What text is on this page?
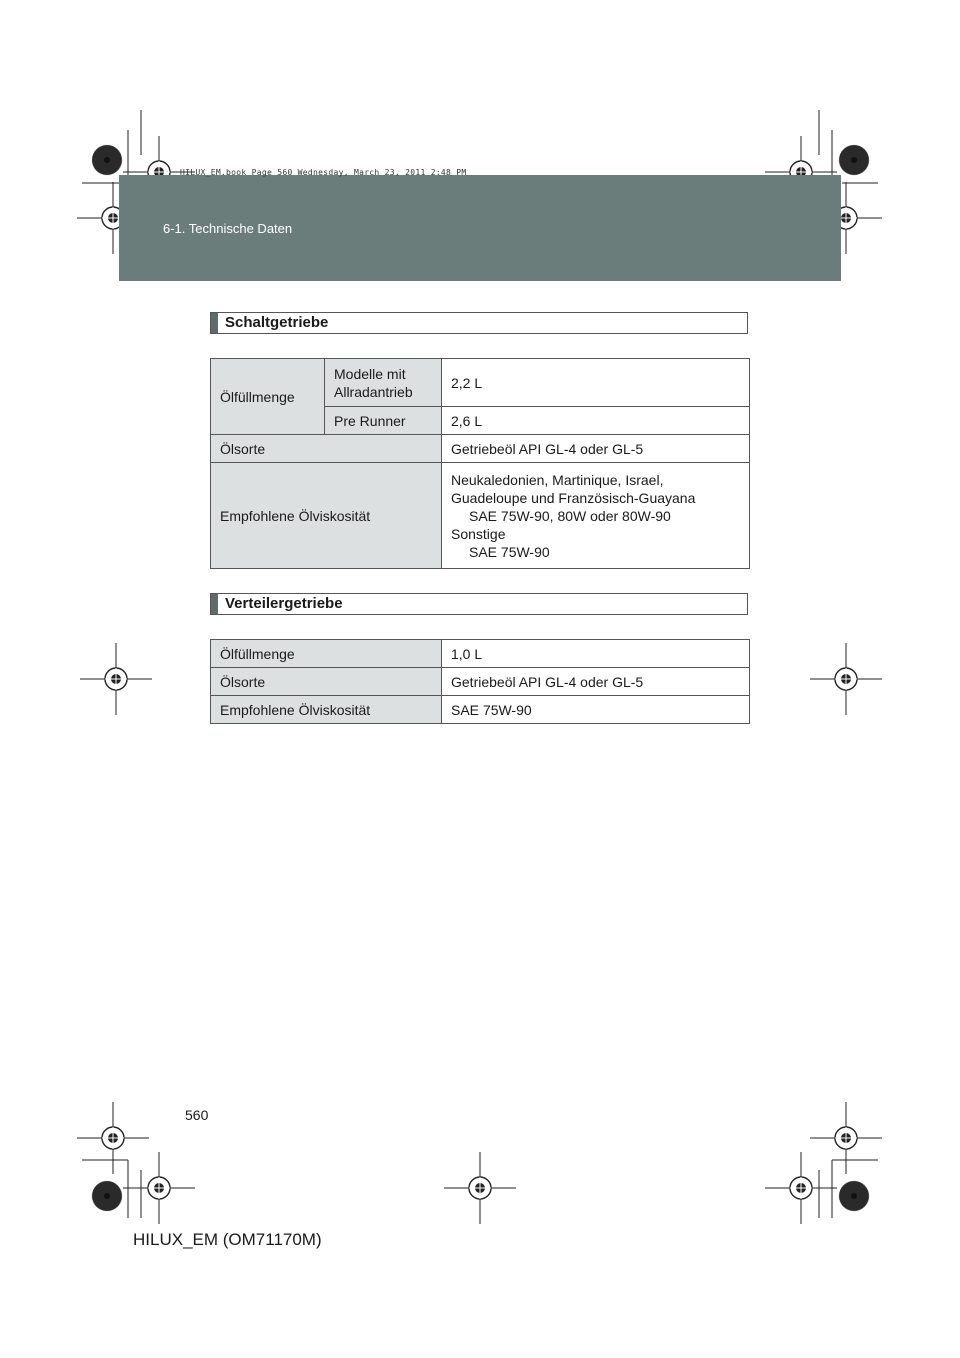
HILUX_EM.book Page 560 Wednesday, March 23, 2011 2:48 PM
6-1. Technische Daten
Schaltgetriebe
Ölfüllmenge	Modelle mit Allradantrieb	2,2 L
	Pre Runner	2,6 L
Ölsorte		Getriebeöl API GL-4 oder GL-5
Empfohlene Ölviskosität		Neukaledonien, Martinique, Israel,
Guadeloupe und Französisch-Guayana
SAE 75W-90, 80W oder 80W-90
Sonstige
SAE 75W-90
Verteilergetriebe
Ölfüllmenge	1,0 L
Ölsorte	Getriebeöl API GL-4 oder GL-5
Empfohlene Ölviskosität	SAE 75W-90
560
HILUX_EM (OM71170M)
